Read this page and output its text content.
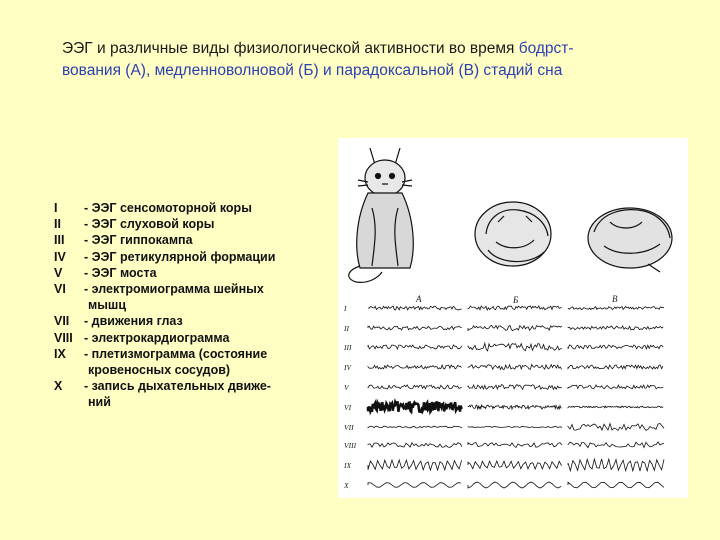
ЭЭГ и различные виды физиологической активности во время бодрст-
вования (А), медленноволновой (Б) и парадоксальной (В) стадий сна
I	- ЭЭГ сенсомоторной коры
II	- ЭЭГ слуховой коры
III	- ЭЭГ гиппокампа
IV	- ЭЭГ ретикулярной формации
V	- ЭЭГ моста
VI	- электромиограмма шейных
мышц
VII	- движения глаз
VIII - электрокардиограмма
IX	- плетизмограмма (состояние
кровеносных сосудов)
X	- запись дыхательных движе-
ний
А	Б	В
I
II
III
IV
V
VI
VII
VIII
IX
X
